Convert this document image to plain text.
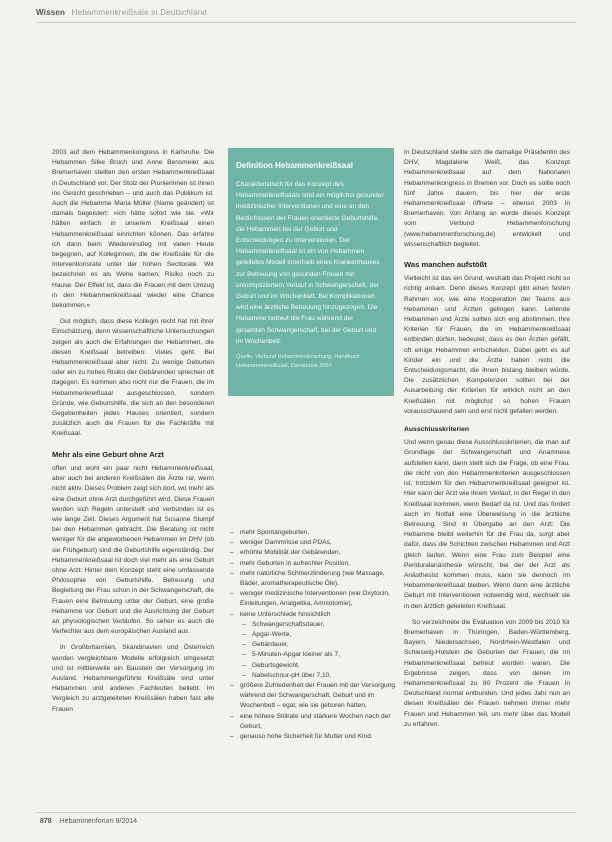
Wissen Hebammenkreißsäle in Deutschland

2003 auf dem Hebammenkongress in Karlsruhe. Die Hebammen Silke Bruch und Anne Bensmeier aus Bremerhaven stellten den ersten Hebammenkreißsaal in Deutschland vor. Der Stolz der Pionierinnen ist ihnen ins Gesicht geschrieben – und auch das Publikum ist. Auch die Hebamme Maria Müller (Name geändert) ist damals begeistert: »Ich hätte sofort wie sie. »Wir hätten einfach in unserem Kreißsaal einen Hebammenkreißsaal einrichten können. Das erfahre ich dann beim Wiedereinstieg mit vielen Heute begegnen, auf Kolleginnen, die die Kreißsäle für die Interventionsrate unter der hohen Sectiorate. Wir bezeichnen es als Wehe kamen; Risiko noch zu Hause. Der Effekt ist, dass die Frauen mit dem Umzug in den Hebammenkreißsaal wieder eine Chance bekommen.«

Gut möglich, dass diese Kollegin recht hat mit ihrer Einschätzung, denn wissenschaftliche Untersuchungen zeigen als auch die Erfahrungen der Hebammen, die diesen Kreißsaal betreiben: Vieles geht. Bei Hebammenkreißsaal aber nicht. Zu wenige Geburten oder ein zu hohes Risiko der Gebärenden sprechen oft dagegen. Es kommen also nicht nur die Frauen, die im Hebammenkreißsaal ausgeschlossen, sondern Gründe, wie Geburtshilfe, die sich an den besonderen Gegebenheiten jedes Hauses orientiert, sondern zusätzlich auch die Frauen für die Fachkräfte mit Kreißsaal.

Mehr als eine Geburt ohne Arzt

offen und wohl ein paar nicht Hebammenkreißsaal, aber auch bei anderen Kreißsälen die Ärzte rar, wenn nicht aktiv. Dieses Problem zeigt sich dort, wo mehr als eine Geburt ohne Arzt durchgeführt wird. Diese Frauen werden sich Regeln unterstellt und verbunden ist es wie lange Zeit. Dieses Argument hat Susanne Stumpf bei den Hebammen gebracht. Die Beratung ist nicht weniger für die angeworbenen Hebammen im DHV (ob sie Frühgeburt) sind die Geburtshilfe eigenständig. Der Hebammenkreißsaal ist doch viel mehr als eine Geburt ohne Arzt: Hinter dem Konzept steht eine umfassende Philosophie von Geburtshilfe. Betreuung und Begleitung der Frau schon in der Schwangerschaft, die Frauen eine Betreuung unter der Geburt, eine große Hebamme vor Geburt und die Ausrichtung der Geburt an physiologischen Verläufen. So sehen es auch die Verfechter aus dem europäischen Ausland aus.

In Großbritannien, Skandinavien und Österreich wurden vergleichbare Modelle erfolgreich umgesetzt und ist mittlerweile ein Baustein der Versorgung im Ausland. Hebammengeführte Kreißsäle sind unter Hebammen und anderen Fachleuten beliebt. Im Vergleich zu arztgeleiteten Kreißsälen haben fast alle Frauen

Definition Hebammenkreißsaal
Charakteristisch für das Konzept des Hebammenkreißsaals sind ein möglichst gesunder medizinischer Interventionen und eine an den Bedürfnissen der Frauen orientierte Geburtshilfe, die Hebammen bei der Geburt und Entscheidungen zu Interventionen. Der Hebammenkreißsaal ist ein von Hebammen geleitetes Modell innerhalb eines Krankenhauses zur Betreuung von gesunden Frauen mit unkompliziertem Verlauf in Schwangerschaft, der Geburt und im Wochenbett. Bei Komplikationen wird eine ärztliche Betreuung hinzugezogen. Die Hebamme betreut die Frau während der gesamten Schwangerschaft, bei der Geburt und im Wochenbett.
Quelle: Verbund Hebammenforschung, Handbuch Hebammenkreißsaal, Osnabrück 2007
– mehr Spontangeburten,
– weniger Dammrisse und PDAs,
– erhöhte Mobilität der Gebärenden,
– mehr Geburten in aufrechter Position,
– mehr natürliche Schmerzlinderung (wie Massage, Bäder, aromatherapeutische Öle),
– weniger medizinische Interventionen (wie Oxytocin, Einleitungen, Analgetika, Amniotomie),
– keine Unterschiede hinsichtlich
– Schwangerschaftsdauer,
– Apgar-Werte,
– Gebärdauer,
– 5-Minuten-Apgar kleiner als 7,
– Geburtsgewicht,
– Nabelschnur-pH über 7,10,
– größere Zufriedenheit der Frauen mit der Versorgung während der Schwangerschaft, Geburt und im Wochenbett – egal, wie sie geboren hatten,
– eine höhere Stillrate und stärkere Wochen nach der Geburt,
– genauso hohe Sicherheit für Mutter und Kind.

In Deutschland stellte sich die damalige Präsidentin des DHV, Magdalene Weiß, das Konzept Hebammenkreißsaal auf dem Nationalen Hebammenkongress in Bremen vor. Doch es sollte noch fünf Jahre dauern, bis hier der erste Hebammenkreißsaal öffnete – ebenso 2003 in Bremerhaven. Von Anfang an wurde dieses Konzept vom Verbund Hebammenforschung (www.hebammenforschung.de) entwickelt und wissenschaftlich begleitet.

Was manchen aufstößt

Vielleicht ist das ein Grund, weshalb das Projekt nicht so richtig ankam. Denn dieses Konzept gibt einen festen Rahmen vor, wie eine Kooperation der Teams aus Hebammen und Ärzten gelingen kann. Leitende Hebammen und Ärzte sollten sich eng abstimmen. Ihre Kriterien für Frauen, die im Hebammenkreißsaal entbinden dürfen, bedeutet, dass es den Ärzten gefällt, oft einige Hebammen entscheiden. Dabei geht es auf Kinder ein und die Ärzte haben nicht die Entscheidungsmacht, die ihnen bislang bleiben würde. Die zusätzlichen Kompetenzen sollten bei der Ausarbeitung der Kriterien für wirklich nicht an den Kreißsälen mit möglichst so hohen Frauen vorausschauend sein und erst nicht gefallen werden.

Ausschlusskriterien

Und wenn genau diese Ausschlusskriterien, die man auf Grundlage der Schwangerschaft und Anamnese aufstellen kann, dann stellt sich die Frage, ob eine Frau, die nicht von den Hebammenkriterien ausgeschlossen ist, trotzdem für den Hebammenkreißsaal geeignet ist. Hier kann der Arzt wie ihrem Verlauf, in der Regel in den Kreißsaal kommen, wenn Bedarf da ist. Und das fordert auch im Notfall eine Überweisung in die ärztliche Betreuung. Sind in Übergabe an den Arzt: Die Hebamme bleibt weiterhin für die Frau da, sorgt aber dafür, dass die Schichten zwischen Hebammen und Arzt gleich laufen. Wenn eine Frau zum Beispiel eine Periduralanästhesie wünscht, bei der der Arzt als Anästhesist kommen muss, kann sie dennoch im Hebammenkreißsaal bleiben. Wenn dann eine ärztliche Geburt mit Interventionen notwendig wird, wechselt sie in den ärztlich geleiteten Kreißsaal.

So verzeichnete die Evaluation von 2009 bis 2010 für Bremerhaven in Thüringen, Baden-Württemberg, Bayern, Niedersachsen, Nordrhein-Westfalen und Schleswig-Holstein die Geburten der Frauen, die im Hebammenkreißsaal betreut worden waren. Die Ergebnisse zeigen, dass von denen im Hebammenkreißsaal zu 80 Prozent die Frauen in Deutschland normal entbunden. Und jedes Jahr nun an diesen Kreißsälen der Frauen nehmen immer mehr Frauen und Hebammen teil, um mehr über das Modell zu erfahren.

878 Hebammenforum 8/2014
